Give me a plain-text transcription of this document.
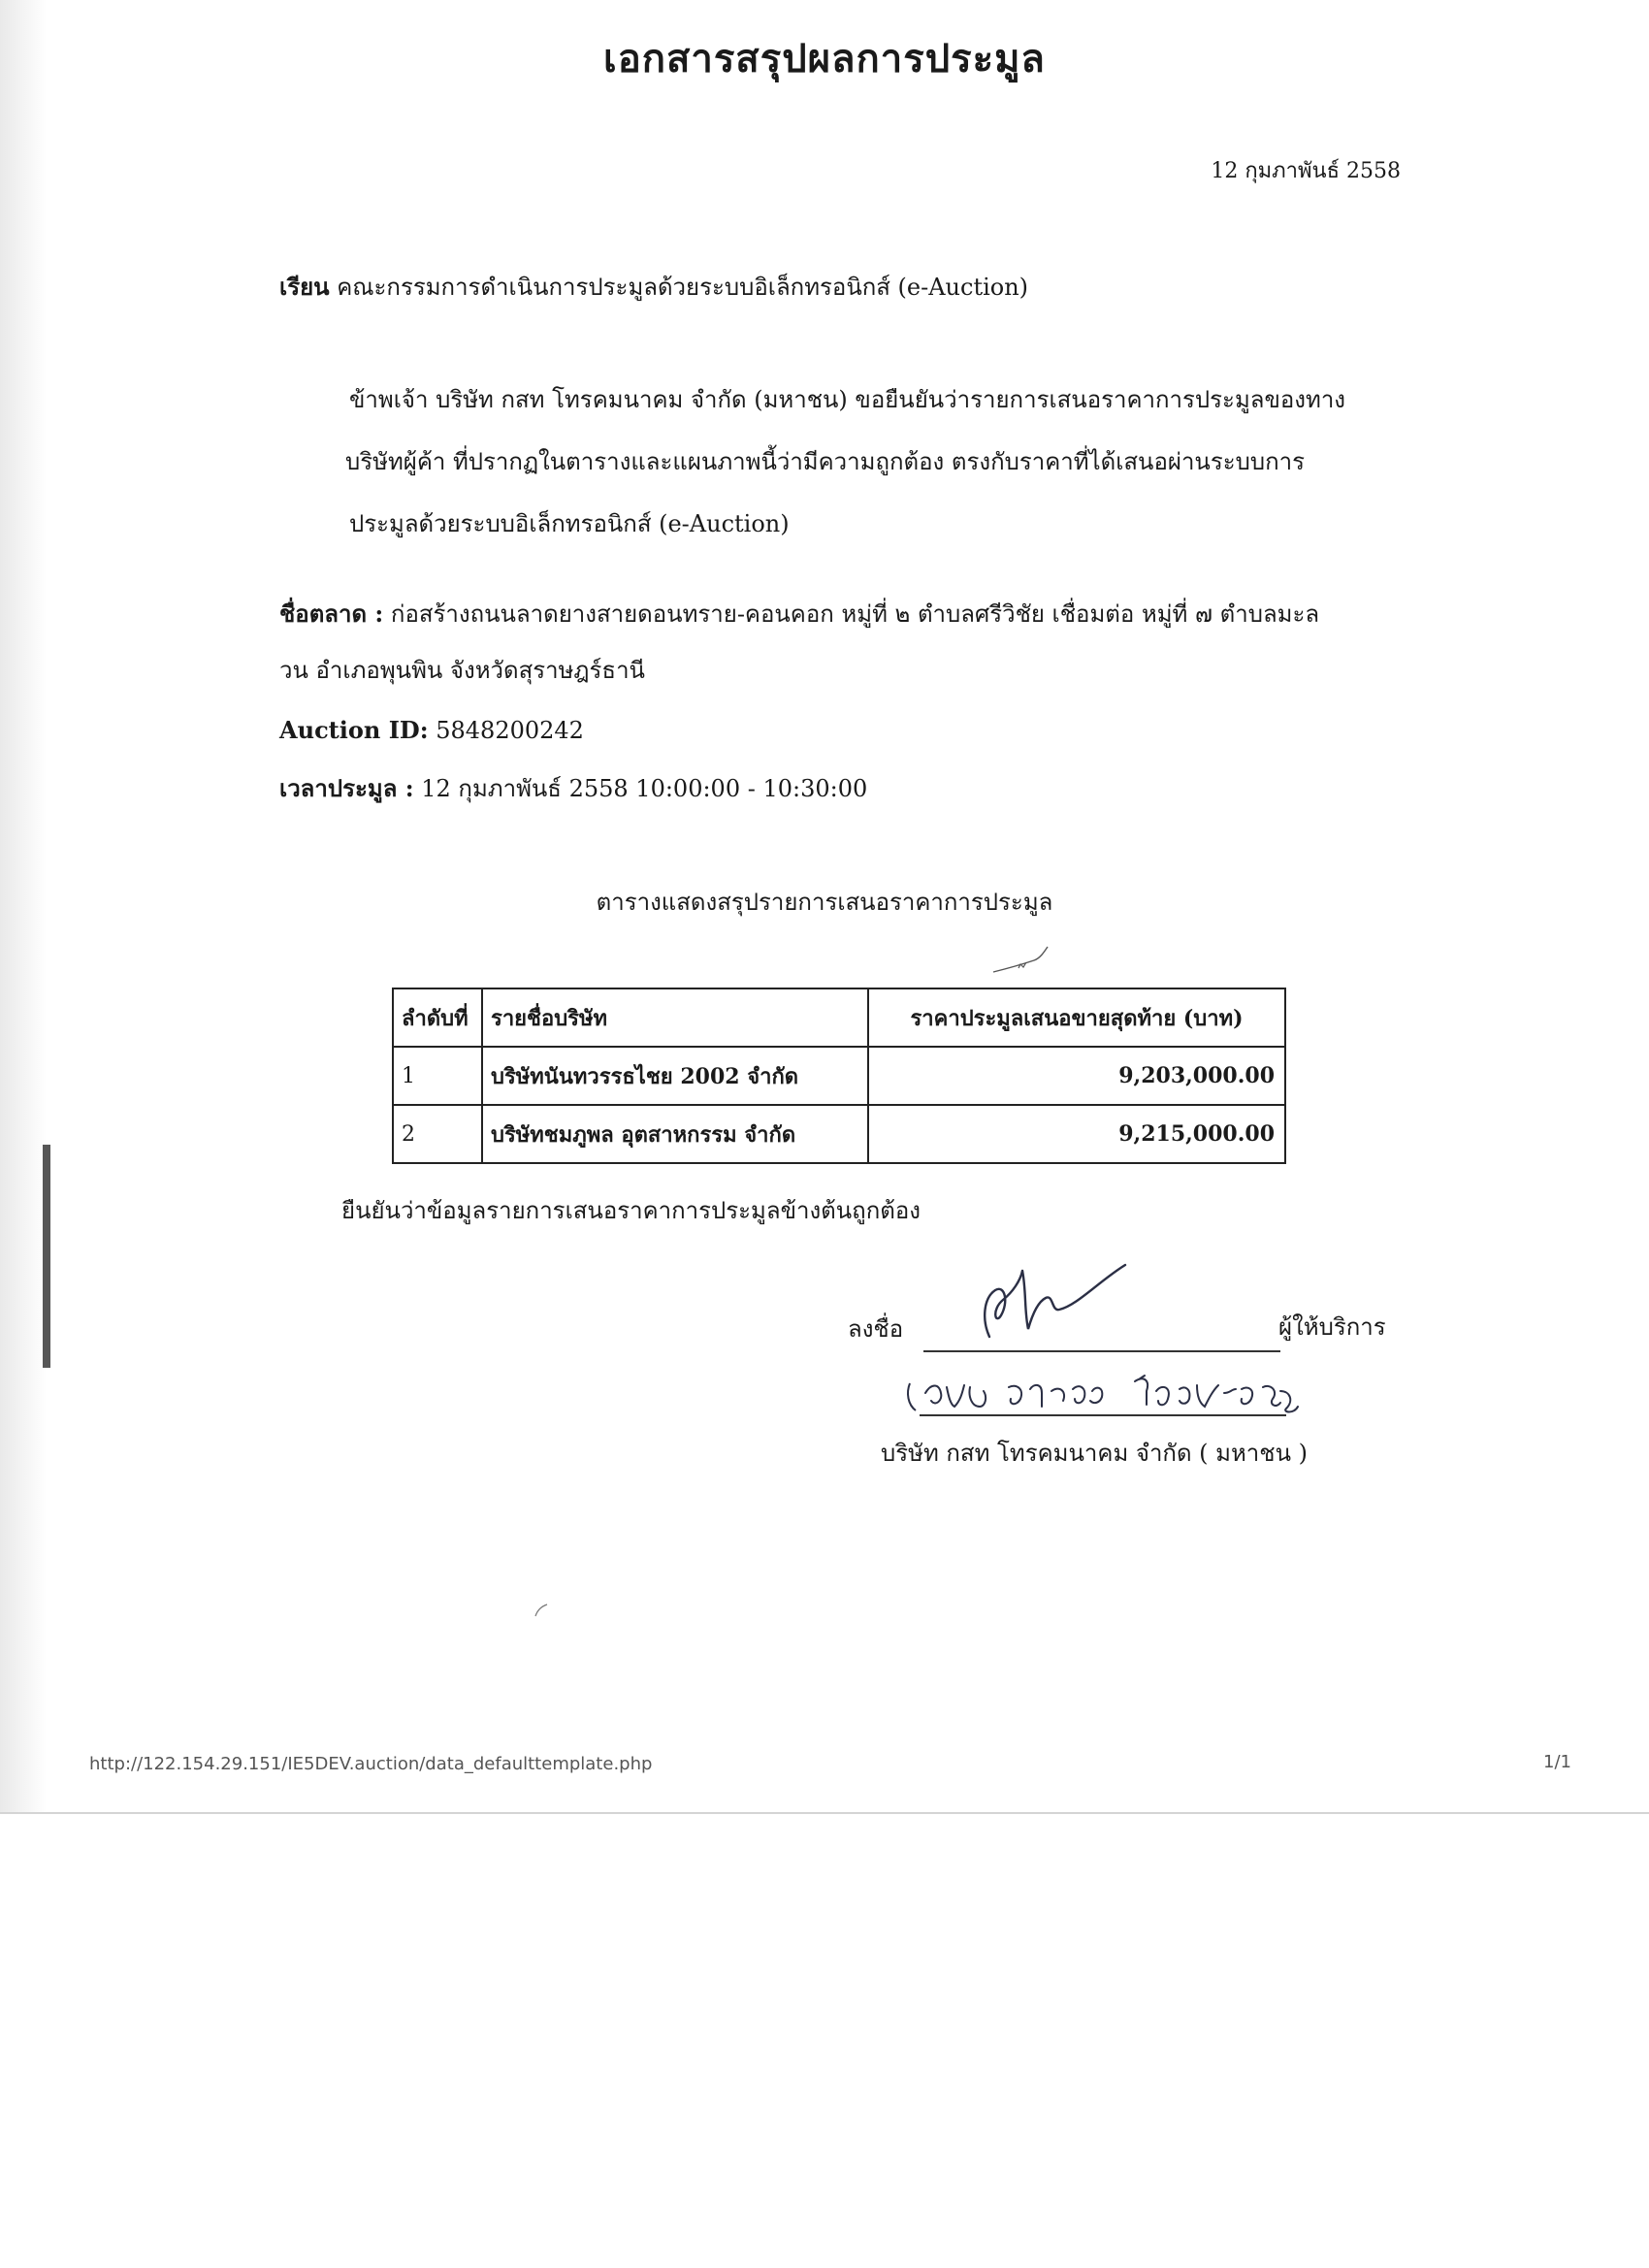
เอกสารสรุปผลการประมูล
12 กุมภาพันธ์ 2558
เรียน คณะกรรมการดำเนินการประมูลด้วยระบบอิเล็กทรอนิกส์ (e-Auction)
ข้าพเจ้า บริษัท กสท โทรคมนาคม จำกัด (มหาชน) ขอยืนยันว่ารายการเสนอราคาการประมูลของทาง
บริษัทผู้ค้า ที่ปรากฏในตารางและแผนภาพนี้ว่ามีความถูกต้อง ตรงกับราคาที่ได้เสนอผ่านระบบการ
ประมูลด้วยระบบอิเล็กทรอนิกส์ (e-Auction)
ชื่อตลาด : ก่อสร้างถนนลาดยางสายดอนทราย-คอนคอก หมู่ที่ ๒ ตำบลศรีวิชัย เชื่อมต่อ หมู่ที่ ๗ ตำบลมะล
วน อำเภอพุนพิน จังหวัดสุราษฎร์ธานี
Auction ID: 5848200242
เวลาประมูล : 12 กุมภาพันธ์ 2558 10:00:00 - 10:30:00
ตารางแสดงสรุปรายการเสนอราคาการประมูล
ลำดับที่	รายชื่อบริษัท	ราคาประมูลเสนอขายสุดท้าย (บาท)
1	บริษัทนันทวรรธไชย 2002 จำกัด	9,203,000.00
2	บริษัทชมภูพล อุตสาหกรรม จำกัด	9,215,000.00
ยืนยันว่าข้อมูลรายการเสนอราคาการประมูลข้างต้นถูกต้อง
ลงชื่อ	ผู้ให้บริการ
บริษัท กสท โทรคมนาคม จำกัด ( มหาชน )
http://122.154.29.151/IE5DEV.auction/data_defaulttemplate.php	1/1
